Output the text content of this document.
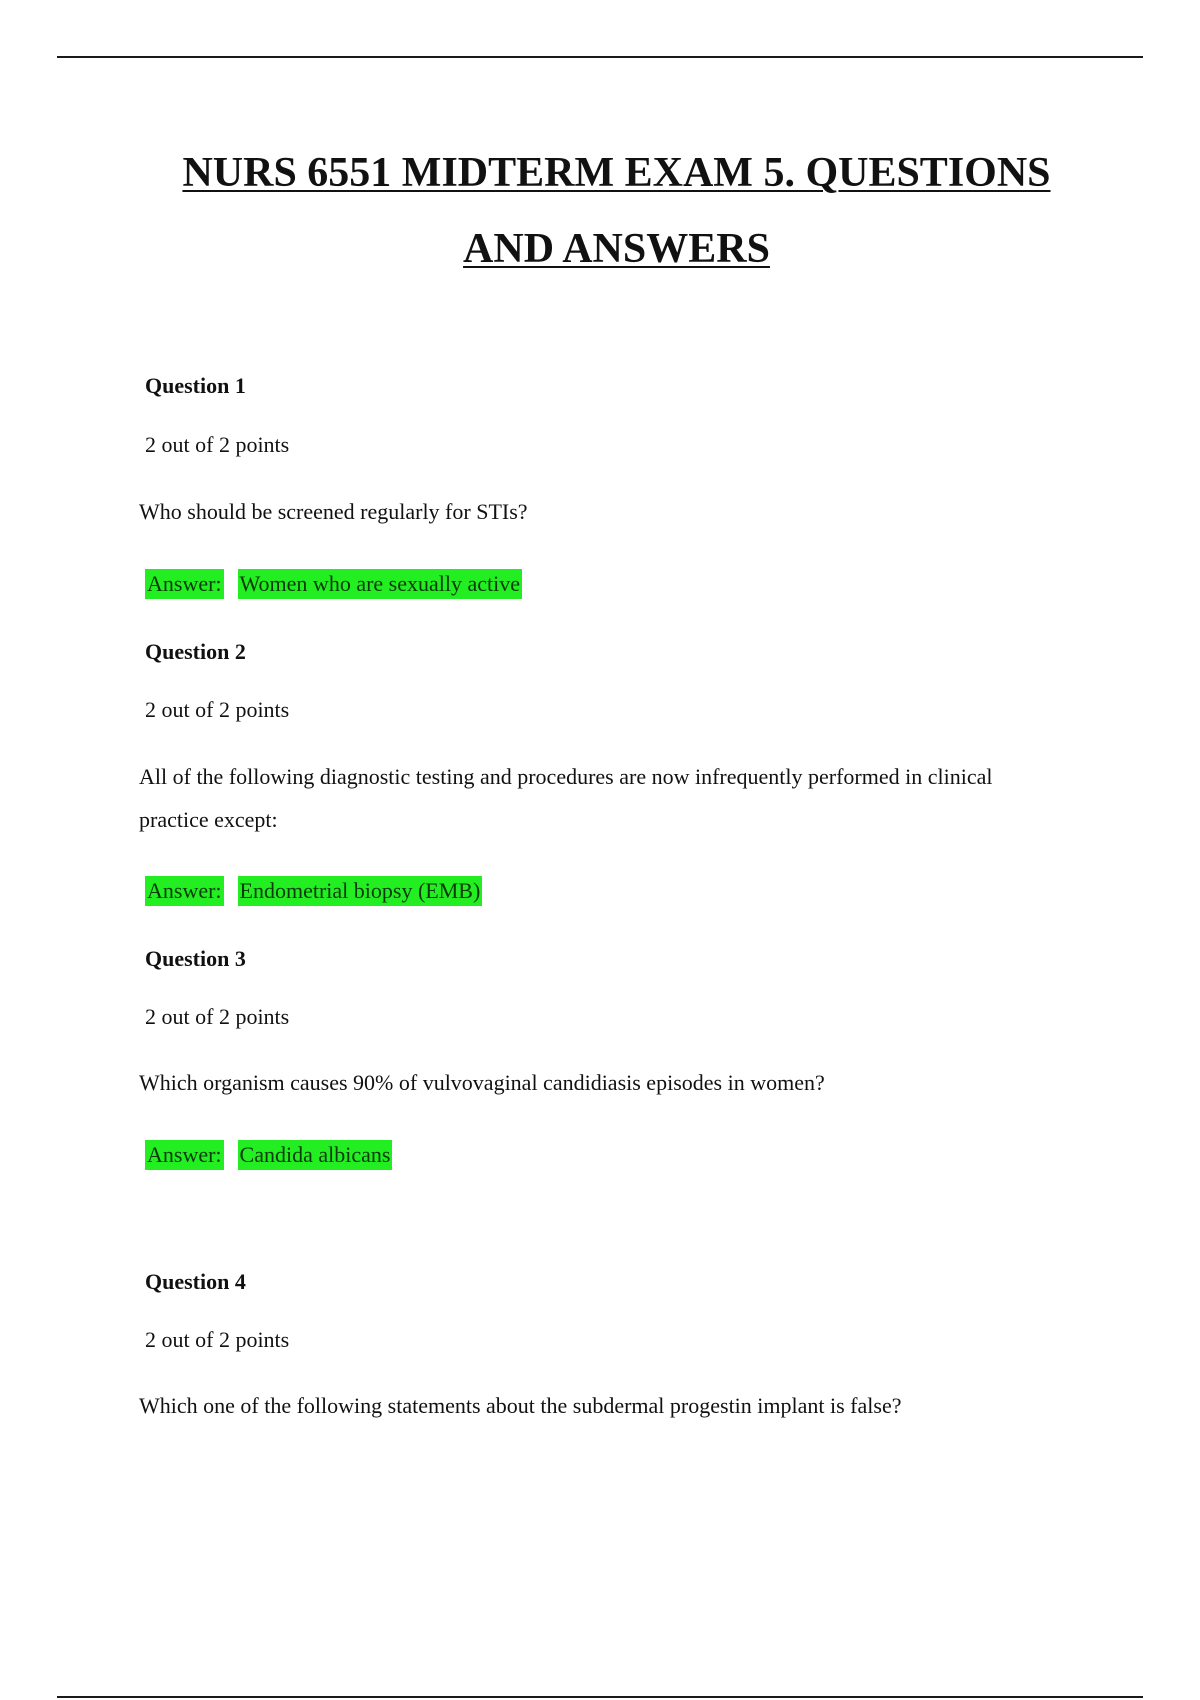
NURS 6551 MIDTERM EXAM 5. QUESTIONS
AND ANSWERS

Question 1

2 out of 2 points

Who should be screened regularly for STIs?

Answer: Women who are sexually active

Question 2

2 out of 2 points

All of the following diagnostic testing and procedures are now infrequently performed in clinical practice except:

Answer: Endometrial biopsy (EMB)

Question 3

2 out of 2 points

Which organism causes 90% of vulvovaginal candidiasis episodes in women?

Answer: Candida albicans

Question 4

2 out of 2 points

Which one of the following statements about the subdermal progestin implant is false?
